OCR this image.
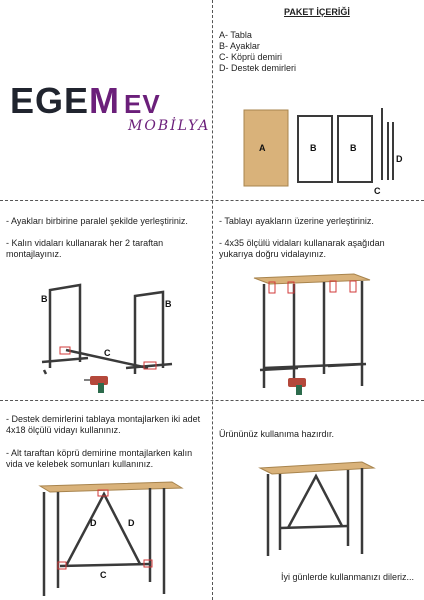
EGEM EV
MOBİLYA
PAKET İÇERİĞİ
A- Tabla
B- Ayaklar
C- Köprü demiri
D- Destek demirleri
A	B	B
C
D

- Ayakları birbirine paralel şekilde yerleştiriniz.

- Kalın vidaları kullanarak her 2 taraftan montajlayınız.

B	B
C

- Tablayı ayakların üzerine yerleştiriniz.

- 4x35 ölçülü vidaları kullanarak aşağıdan yukarıya doğru vidalayınız.

- Destek demirlerini tablaya montajlarken iki adet 4x18 ölçülü vidayı kullanınız.

- Alt taraftan köprü demirine montajlarken kalın vida ve kelebek somunları kullanınız.

D	D
C

Ürününüz kullanıma hazırdır.

İyi günlerde kullanmanızı dileriz...
